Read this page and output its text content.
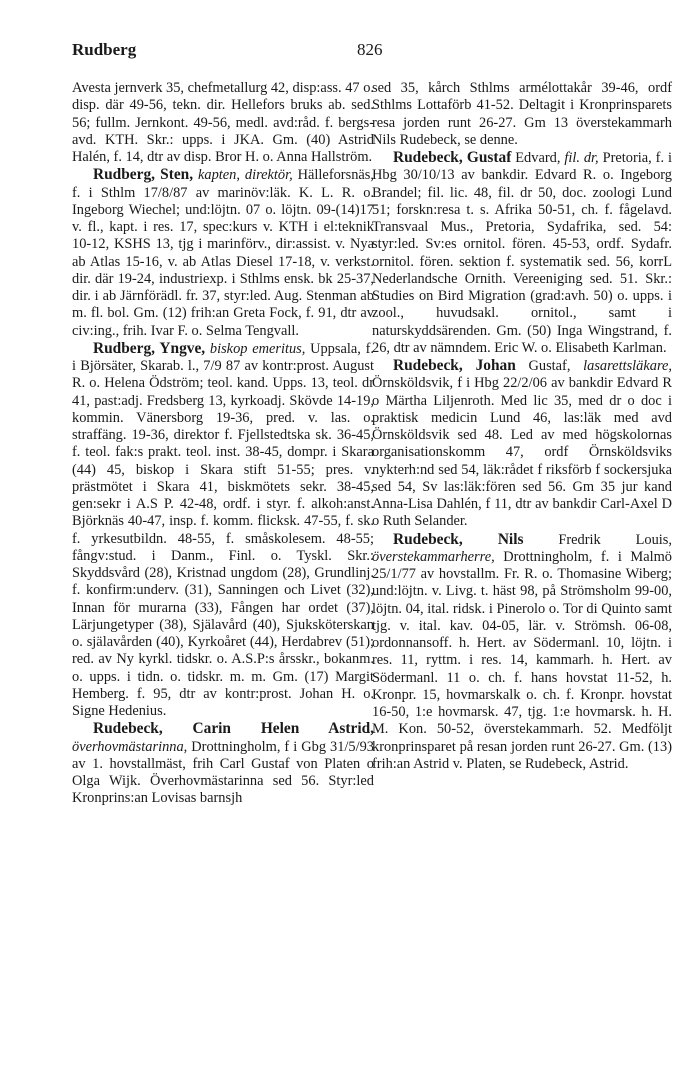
Rudberg	826

Avesta jernverk 35, chefmetallurg 42, disp:ass. 47 o. disp. där 49-56, tekn. dir. Hellefors bruks ab. sed. 56; fullm. Jernkont. 49-56, medl. avd:råd. f. bergs-avd. KTH. Skr.: upps. i JKA. Gm. (40) Astrid Halén, f. 14, dtr av disp. Bror H. o. Anna Hallström.

Rudberg, Sten, kapten, direktör, Hälleforsnäs, f. i Sthlm 17/8/87 av marinöv:läk. K. L. R. o. Ingeborg Wiechel; und:löjtn. 07 o. löjtn. 09-(14)17 v. fl., kapt. i res. 17, spec:kurs v. KTH i el:teknik 10-12, KSHS 13, tjg i marinförv., dir:assist. v. Nya ab Atlas 15-16, v. ab Atlas Diesel 17-18, v. verkst. dir. där 19-24, industriexp. i Sthlms ensk. bk 25-37, dir. i ab Järnförädl. fr. 37, styr:led. Aug. Stenman ab m. fl. bol. Gm. (12) frih:an Greta Fock, f. 91, dtr av civ:ing., frih. Ivar F. o. Selma Tengvall.

Rudberg, Yngve, biskop emeritus, Uppsala, f. i Björsäter, Skarab. l., 7/9 87 av kontr:prost. August R. o. Helena Ödström; teol. kand. Upps. 13, teol. dr 41, past:adj. Fredsberg 13, kyrkoadj. Skövde 14-19, kommin. Vänersborg 19-36, pred. v. las. o. straffäng. 19-36, direktor f. Fjellstedtska sk. 36-45, f. teol. fak:s prakt. teol. inst. 38-45, dompr. i Skara (44) 45, biskop i Skara stift 51-55; pres. v. prästmötet i Skara 41, biskmötets sekr. 38-45, gen:sekr i A.S P. 42-48, ordf. i styr. f. alkoh:anst. Björknäs 40-47, insp. f. komm. flicksk. 47-55, f. sk. f. yrkesutbildn. 48-55, f. småskolesem. 48-55; fångv:stud. i Danm., Finl. o. Tyskl. Skr.: Skyddsvård (28), Kristnad ungdom (28), Grundlinj. f. konfirm:underv. (31), Sanningen och Livet (32), Innan för murarna (33), Fången har ordet (37), Lärjungetyper (38), Själavård (40), Sjuksköterskan o. själavården (40), Kyrkoåret (44), Herdabrev (51); red. av Ny kyrkl. tidskr. o. A.S.P:s årsskr., bokanm. o. upps. i tidn. o. tidskr. m. m. Gm. (17) Margit Hemberg. f. 95, dtr av kontr:prost. Johan H. o. Signe Hedenius.

Rudebeck, Carin Helen Astrid, överhovmästarinna, Drottningholm, f i Gbg 31/5/93 av 1. hovstallmäst, frih Carl Gustaf von Platen o Olga Wijk. Överhovmästarinna sed 56. Styr:led Kronprins:an Lovisas barnsjh

sed 35, kårch Sthlms armélottakår 39-46, ordf Sthlms Lottaförb 41-52. Deltagit i Kronprinsparets resa jorden runt 26-27. Gm 13 överstekammarh Nils Rudebeck, se denne.

Rudebeck, Gustaf Edvard, fil. dr, Pretoria, f. i Hbg 30/10/13 av bankdir. Edvard R. o. Ingeborg Brandel; fil. lic. 48, fil. dr 50, doc. zoologi Lund 51; forskn:resa t. s. Afrika 50-51, ch. f. fågelavd. Transvaal Mus., Pretoria, Sydafrika, sed. 54: styr:led. Sv:es ornitol. fören. 45-53, ordf. Sydafr. ornitol. fören. sektion f. systematik sed. 56, korrL Nederlandsche Ornith. Vereeniging sed. 51. Skr.: Studies on Bird Migration (grad:avh. 50) o. upps. i zool., huvudsakl. ornitol., samt i naturskyddsärenden. Gm. (50) Inga Wingstrand, f. 26, dtr av nämndem. Eric W. o. Elisabeth Karlman.

Rudebeck, Johan Gustaf, lasarettsläkare, Örnsköldsvik, f i Hbg 22/2/06 av bankdir Edvard R o Märtha Liljenroth. Med lic 35, med dr o doc i praktisk medicin Lund 46, las:läk med avd Örnsköldsvik sed 48. Led av med högskolornas organisationskomm 47, ordf Örnsköldsviks nykterh:nd sed 54, läk:rådet f riksförb f sockersjuka sed 54, Sv las:läk:fören sed 56. Gm 35 jur kand Anna-Lisa Dahlén, f 11, dtr av bankdir Carl-Axel D o Ruth Selander.

Rudebeck, Nils Fredrik Louis, överstekammarherre, Drottningholm, f. i Malmö 25/1/77 av hovstallm. Fr. R. o. Thomasine Wiberg; und:löjtn. v. Livg. t. häst 98, på Strömsholm 99-00, löjtn. 04, ital. ridsk. i Pinerolo o. Tor di Quinto samt tjg. v. ital. kav. 04-05, lär. v. Strömsh. 06-08, ordonnansoff. h. Hert. av Södermanl. 10, löjtn. i res. 11, ryttm. i res. 14, kammarh. h. Hert. av Södermanl. 11 o. ch. f. hans hovstat 11-52, h. Kronpr. 15, hovmarskalk o. ch. f. Kronpr. hovstat 16-50, 1:e hovmarsk. 47, tjg. 1:e hovmarsk. h. H. M. Kon. 50-52, överstekammarh. 52. Medföljt kronprinsparet på resan jorden runt 26-27. Gm. (13) frih:an Astrid v. Platen, se Rudebeck, Astrid.
